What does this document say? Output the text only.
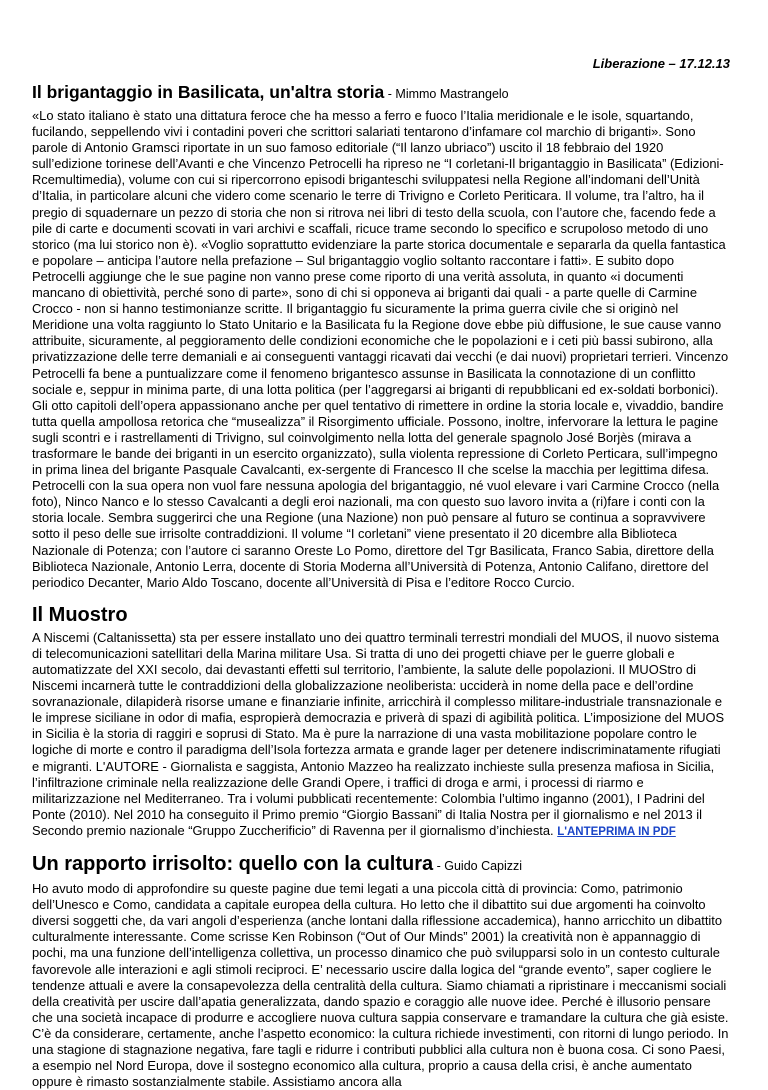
Liberazione – 17.12.13
Il brigantaggio in Basilicata, un'altra storia - Mimmo Mastrangelo

«Lo stato italiano è stato una dittatura feroce che ha messo a ferro e fuoco l’Italia meridionale e le isole, squartando, fucilando, seppellendo vivi i contadini poveri che scrittori salariati tentarono d’infamare col marchio di briganti». Sono parole di Antonio Gramsci riportate in un suo famoso editoriale (“Il lanzo ubriaco”) uscito il 18 febbraio del 1920 sull’edizione torinese dell’Avanti e che Vincenzo Petrocelli ha ripreso ne “I corletani-Il brigantaggio in Basilicata” (Edizioni-Rcemultimedia), volume con cui si ripercorrono episodi briganteschi sviluppatesi nella Regione all’indomani dell’Unità d’Italia, in particolare alcuni che videro come scenario le terre di Trivigno e Corleto Periticara. Il volume, tra l’altro, ha il pregio di squadernare un pezzo di storia che non si ritrova nei libri di testo della scuola, con l’autore che, facendo fede a pile di carte e documenti scovati in vari archivi e scaffali, ricuce trame secondo lo specifico e scrupoloso metodo di uno storico (ma lui storico non è). «Voglio soprattutto evidenziare la parte storica documentale e separarla da quella fantastica e popolare – anticipa l’autore nella prefazione – Sul brigantaggio voglio soltanto raccontare i fatti». E subito dopo Petrocelli aggiunge che le sue pagine non vanno prese come riporto di una verità assoluta, in quanto «i documenti mancano di obiettività, perché sono di parte», sono di chi si opponeva ai briganti dai quali - a parte quelle di Carmine Crocco - non si hanno testimonianze scritte. Il brigantaggio fu sicuramente la prima guerra civile che si originò nel Meridione una volta raggiunto lo Stato Unitario e la Basilicata fu la Regione dove ebbe più diffusione, le sue cause vanno attribuite, sicuramente, al peggioramento delle condizioni economiche che le popolazioni e i ceti più bassi subirono, alla privatizzazione delle terre demaniali e ai conseguenti vantaggi ricavati dai vecchi (e dai nuovi) proprietari terrieri. Vincenzo Petrocelli fa bene a puntualizzare come il fenomeno brigantesco assunse in Basilicata la connotazione di un conflitto sociale e, seppur in minima parte, di una lotta politica (per l’aggregarsi ai briganti di repubblicani ed ex-soldati borbonici). Gli otto capitoli dell’opera appassionano anche per quel tentativo di rimettere in ordine la storia locale e, vivaddio, bandire tutta quella ampollosa retorica che “musealizza” il Risorgimento ufficiale. Possono, inoltre, infervorare la lettura le pagine sugli scontri e i rastrellamenti di Trivigno, sul coinvolgimento nella lotta del generale spagnolo José Borjès (mirava a trasformare le bande dei briganti in un esercito organizzato), sulla violenta repressione di Corleto Perticara, sull’impegno in prima linea del brigante Pasquale Cavalcanti, ex-sergente di Francesco II che scelse la macchia per legittima difesa. Petrocelli con la sua opera non vuol fare nessuna apologia del brigantaggio, né vuol elevare i vari Carmine Crocco (nella foto), Ninco Nanco e lo stesso Cavalcanti a degli eroi nazionali, ma con questo suo lavoro invita a (ri)fare i conti con la storia locale. Sembra suggerirci che una Regione (una Nazione) non può pensare al futuro se continua a sopravvivere sotto il peso delle sue irrisolte contraddizioni. Il volume “I corletani” viene presentato il 20 dicembre alla Biblioteca Nazionale di Potenza; con l’autore ci saranno Oreste Lo Pomo, direttore del Tgr Basilicata, Franco Sabia, direttore della Biblioteca Nazionale, Antonio Lerra, docente di Storia Moderna all’Università di Potenza, Antonio Califano, direttore del periodico Decanter, Mario Aldo Toscano, docente all’Università di Pisa e l’editore Rocco Curcio.

Il Muostro

A Niscemi (Caltanissetta) sta per essere installato uno dei quattro terminali terrestri mondiali del MUOS, il nuovo sistema di telecomunicazioni satellitari della Marina militare Usa. Si tratta di uno dei progetti chiave per le guerre globali e automatizzate del XXI secolo, dai devastanti effetti sul territorio, l’ambiente, la salute delle popolazioni. Il MUOStro di Niscemi incarnerà tutte le contraddizioni della globalizzazione neoliberista: ucciderà in nome della pace e dell’ordine sovranazionale, dilapiderà risorse umane e finanziarie infinite, arricchirà il complesso militare-industriale transnazionale e le imprese siciliane in odor di mafia, espropierà democrazia e priverà di spazi di agibilità politica. L’imposizione del MUOS in Sicilia è la storia di raggiri e soprusi di Stato. Ma è pure la narrazione di una vasta mobilitazione popolare contro le logiche di morte e contro il paradigma dell’Isola fortezza armata e grande lager per detenere indiscriminatamente rifugiati e migranti. L'AUTORE - Giornalista e saggista, Antonio Mazzeo ha realizzato inchieste sulla presenza mafiosa in Sicilia, l’infiltrazione criminale nella realizzazione delle Grandi Opere, i traffici di droga e armi, i processi di riarmo e militarizzazione nel Mediterraneo. Tra i volumi pubblicati recentemente: Colombia l’ultimo inganno (2001), I Padrini del Ponte (2010). Nel 2010 ha conseguito il Primo premio “Giorgio Bassani” di Italia Nostra per il giornalismo e nel 2013 il Secondo premio nazionale “Gruppo Zuccherificio” di Ravenna per il giornalismo d’inchiesta. L'ANTEPRIMA IN PDF

Un rapporto irrisolto: quello con la cultura - Guido Capizzi

Ho avuto modo di approfondire su queste pagine due temi legati a una piccola città di provincia: Como, patrimonio dell’Unesco e Como, candidata a capitale europea della cultura. Ho letto che il dibattito sui due argomenti ha coinvolto diversi soggetti che, da vari angoli d’esperienza (anche lontani dalla riflessione accademica), hanno arricchito un dibattito culturalmente interessante. Come scrisse Ken Robinson (“Out of Our Minds” 2001) la creatività non è appannaggio di pochi, ma una funzione dell’intelligenza collettiva, un processo dinamico che può svilupparsi solo in un contesto culturale favorevole alle interazioni e agli stimoli reciproci. E’ necessario uscire dalla logica del “grande evento”, saper cogliere le tendenze attuali e avere la consapevolezza della centralità della cultura. Siamo chiamati a ripristinare i meccanismi sociali della creatività per uscire dall’apatia generalizzata, dando spazio e coraggio alle nuove idee. Perché è illusorio pensare che una società incapace di produrre e accogliere nuova cultura sappia conservare e tramandare la cultura che già esiste. C’è da considerare, certamente, anche l’aspetto economico: la cultura richiede investimenti, con ritorni di lungo periodo. In una stagione di stagnazione negativa, fare tagli e ridurre i contributi pubblici alla cultura non è buona cosa. Ci sono Paesi, a esempio nel Nord Europa, dove il sostegno economico alla cultura, proprio a causa della crisi, è anche aumentato oppure è rimasto sostanzialmente stabile. Assistiamo ancora alla
